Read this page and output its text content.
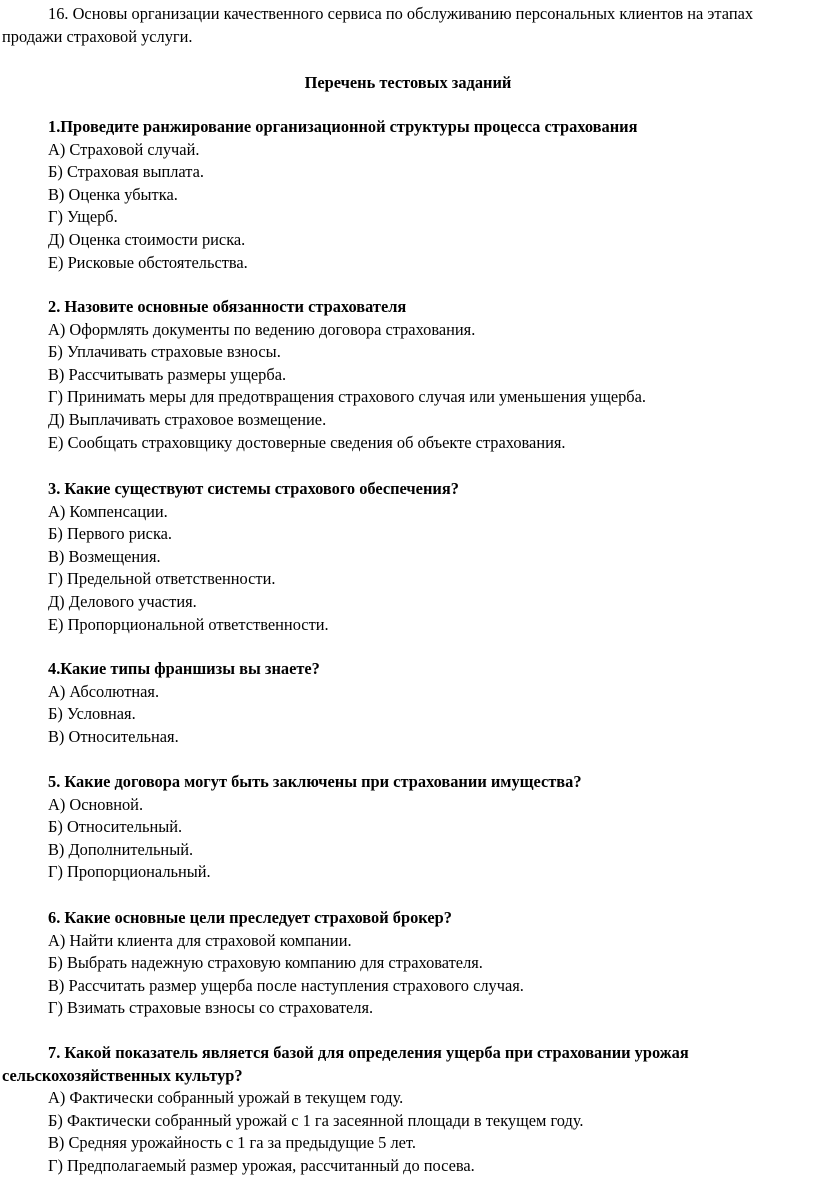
16. Основы организации качественного сервиса по обслуживанию персональных клиентов на этапах продажи страховой услуги.

Перечень тестовых заданий

1.Проведите ранжирование организационной структуры процесса страхования

А) Страховой случай.
Б) Страховая выплата.
В) Оценка убытка.
Г) Ущерб.
Д) Оценка стоимости риска.
Е) Рисковые обстоятельства.

2. Назовите основные обязанности страхователя

А) Оформлять документы по ведению договора страхования.
Б) Уплачивать страховые взносы.
В) Рассчитывать размеры ущерба.
Г) Принимать меры для предотвращения страхового случая или уменьшения ущерба.
Д) Выплачивать страховое возмещение.
Е) Сообщать страховщику достоверные сведения об объекте страхования.

3. Какие существуют системы страхового обеспечения?

А) Компенсации.
Б) Первого риска.
В) Возмещения.
Г) Предельной ответственности.
Д) Делового участия.
Е) Пропорциональной ответственности.

4.Какие типы франшизы вы знаете?

А) Абсолютная.
Б) Условная.
В) Относительная.

5. Какие договора могут быть заключены при страховании имущества?

А) Основной.
Б) Относительный.
В) Дополнительный.
Г) Пропорциональный.

6. Какие основные цели преследует страховой брокер?

А) Найти клиента для страховой компании.
Б) Выбрать надежную страховую компанию для страхователя.
В) Рассчитать размер ущерба после наступления страхового случая.
Г) Взимать страховые взносы со страхователя.

7. Какой показатель является базой для определения ущерба при страховании урожая сельскохозяйственных культур?

А) Фактически собранный урожай в текущем году.
Б) Фактически собранный урожай с 1 га засеянной площади в текущем году.
В) Средняя урожайность с 1 га за предыдущие 5 лет.
Г) Предполагаемый размер урожая, рассчитанный до посева.
